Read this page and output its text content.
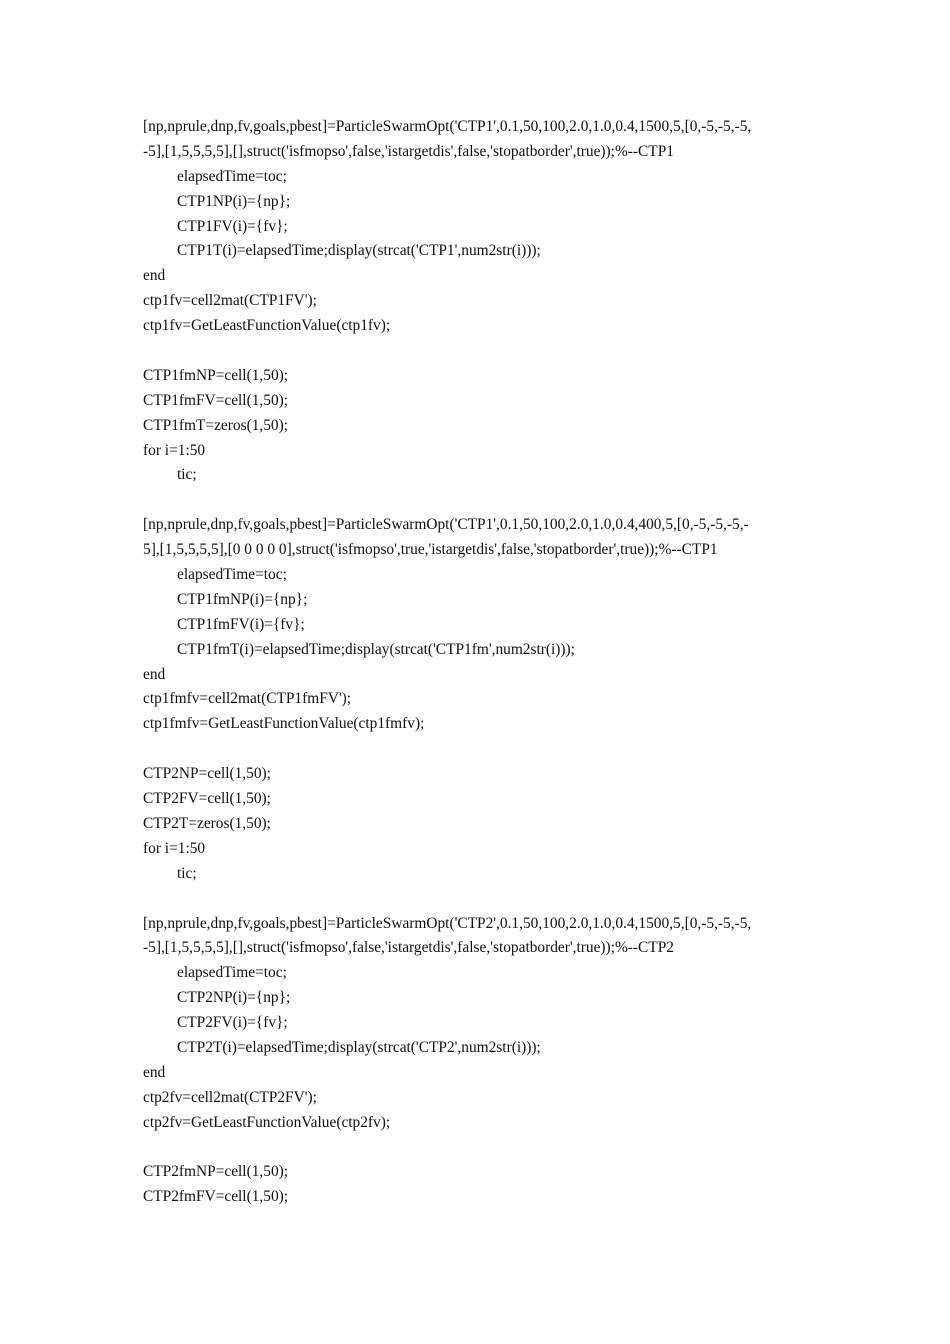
[np,nprule,dnp,fv,goals,pbest]=ParticleSwarmOpt('CTP1',0.1,50,100,2.0,1.0,0.4,1500,5,[0,-5,-5,-5,
-5],[1,5,5,5,5],[],struct('isfmopso',false,'istargetdis',false,'stopatborder',true));%--CTP1
elapsedTime=toc;
CTP1NP(i)={np};
CTP1FV(i)={fv};
CTP1T(i)=elapsedTime;display(strcat('CTP1',num2str(i)));
end
ctp1fv=cell2mat(CTP1FV');
ctp1fv=GetLeastFunctionValue(ctp1fv);
CTP1fmNP=cell(1,50);
CTP1fmFV=cell(1,50);
CTP1fmT=zeros(1,50);
for i=1:50
tic;
[np,nprule,dnp,fv,goals,pbest]=ParticleSwarmOpt('CTP1',0.1,50,100,2.0,1.0,0.4,400,5,[0,-5,-5,-5,-
5],[1,5,5,5,5],[0 0 0 0 0],struct('isfmopso',true,'istargetdis',false,'stopatborder',true));%--CTP1
elapsedTime=toc;
CTP1fmNP(i)={np};
CTP1fmFV(i)={fv};
CTP1fmT(i)=elapsedTime;display(strcat('CTP1fm',num2str(i)));
end
ctp1fmfv=cell2mat(CTP1fmFV');
ctp1fmfv=GetLeastFunctionValue(ctp1fmfv);
CTP2NP=cell(1,50);
CTP2FV=cell(1,50);
CTP2T=zeros(1,50);
for i=1:50
tic;
[np,nprule,dnp,fv,goals,pbest]=ParticleSwarmOpt('CTP2',0.1,50,100,2.0,1.0,0.4,1500,5,[0,-5,-5,-5,
-5],[1,5,5,5,5],[],struct('isfmopso',false,'istargetdis',false,'stopatborder',true));%--CTP2
elapsedTime=toc;
CTP2NP(i)={np};
CTP2FV(i)={fv};
CTP2T(i)=elapsedTime;display(strcat('CTP2',num2str(i)));
end
ctp2fv=cell2mat(CTP2FV');
ctp2fv=GetLeastFunctionValue(ctp2fv);
CTP2fmNP=cell(1,50);
CTP2fmFV=cell(1,50);
